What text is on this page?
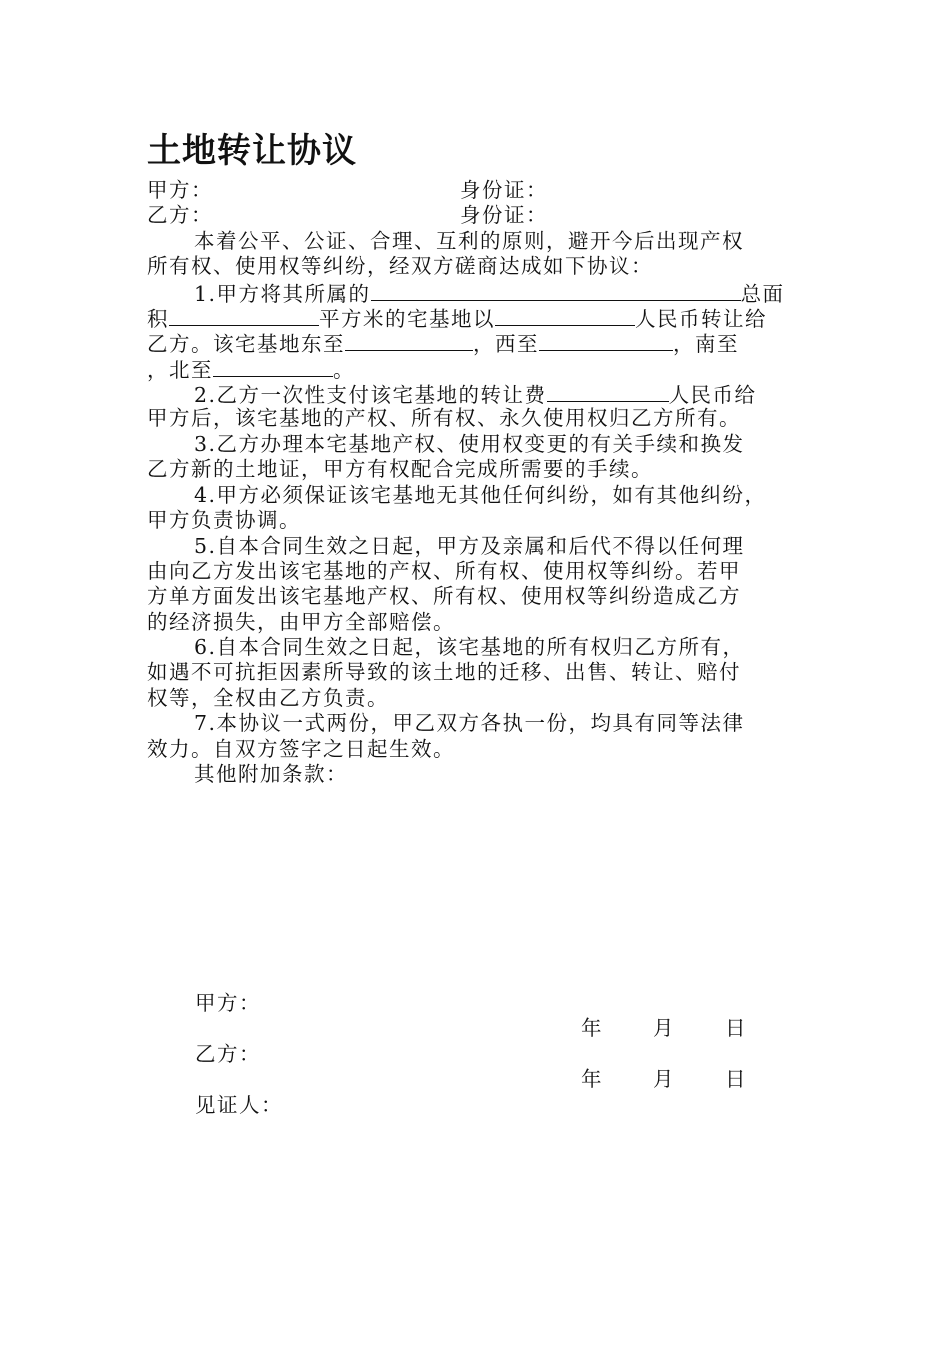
土地转让协议
甲方：	身份证：
乙方：	身份证：
本着公平、公证、合理、互利的原则，避开今后出现产权
所有权、使用权等纠纷，经双方磋商达成如下协议：
1.甲方将其所属的	总面
积	平方米的宅基地以	人民币转让给
乙方。该宅基地东至	，西至	，南至
，北至	。
2.乙方一次性支付该宅基地的转让费	人民币给
甲方后，该宅基地的产权、所有权、永久使用权归乙方所有。
3.乙方办理本宅基地产权、使用权变更的有关手续和换发
乙方新的土地证，甲方有权配合完成所需要的手续。
4.甲方必须保证该宅基地无其他任何纠纷，如有其他纠纷，
甲方负责协调。
5.自本合同生效之日起，甲方及亲属和后代不得以任何理
由向乙方发出该宅基地的产权、所有权、使用权等纠纷。若甲
方单方面发出该宅基地产权、所有权、使用权等纠纷造成乙方
的经济损失，由甲方全部赔偿。
6.自本合同生效之日起，该宅基地的所有权归乙方所有，
如遇不可抗拒因素所导致的该土地的迁移、出售、转让、赔付
权等，全权由乙方负责。
7.本协议一式两份，甲乙双方各执一份，均具有同等法律
效力。自双方签字之日起生效。
其他附加条款：
甲方：
年	月	日
乙方：
年	月	日
见证人：
